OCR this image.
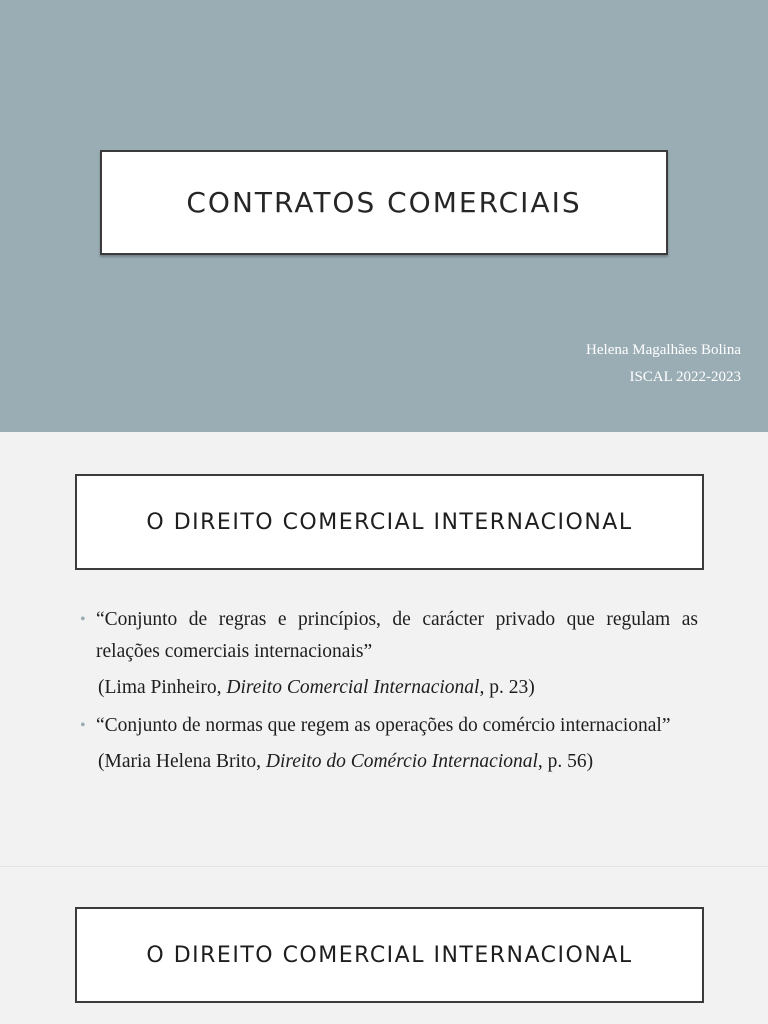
CONTRATOS COMERCIAIS
Helena Magalhães Bolina
ISCAL 2022-2023
O DIREITO COMERCIAL INTERNACIONAL
• “Conjunto de regras e princípios, de carácter privado que regulam as relações comerciais internacionais”
(Lima Pinheiro, Direito Comercial Internacional, p. 23)
• “Conjunto de normas que regem as operações do comércio internacional”
(Maria Helena Brito, Direito do Comércio Internacional, p. 56)
O DIREITO COMERCIAL INTERNACIONAL
